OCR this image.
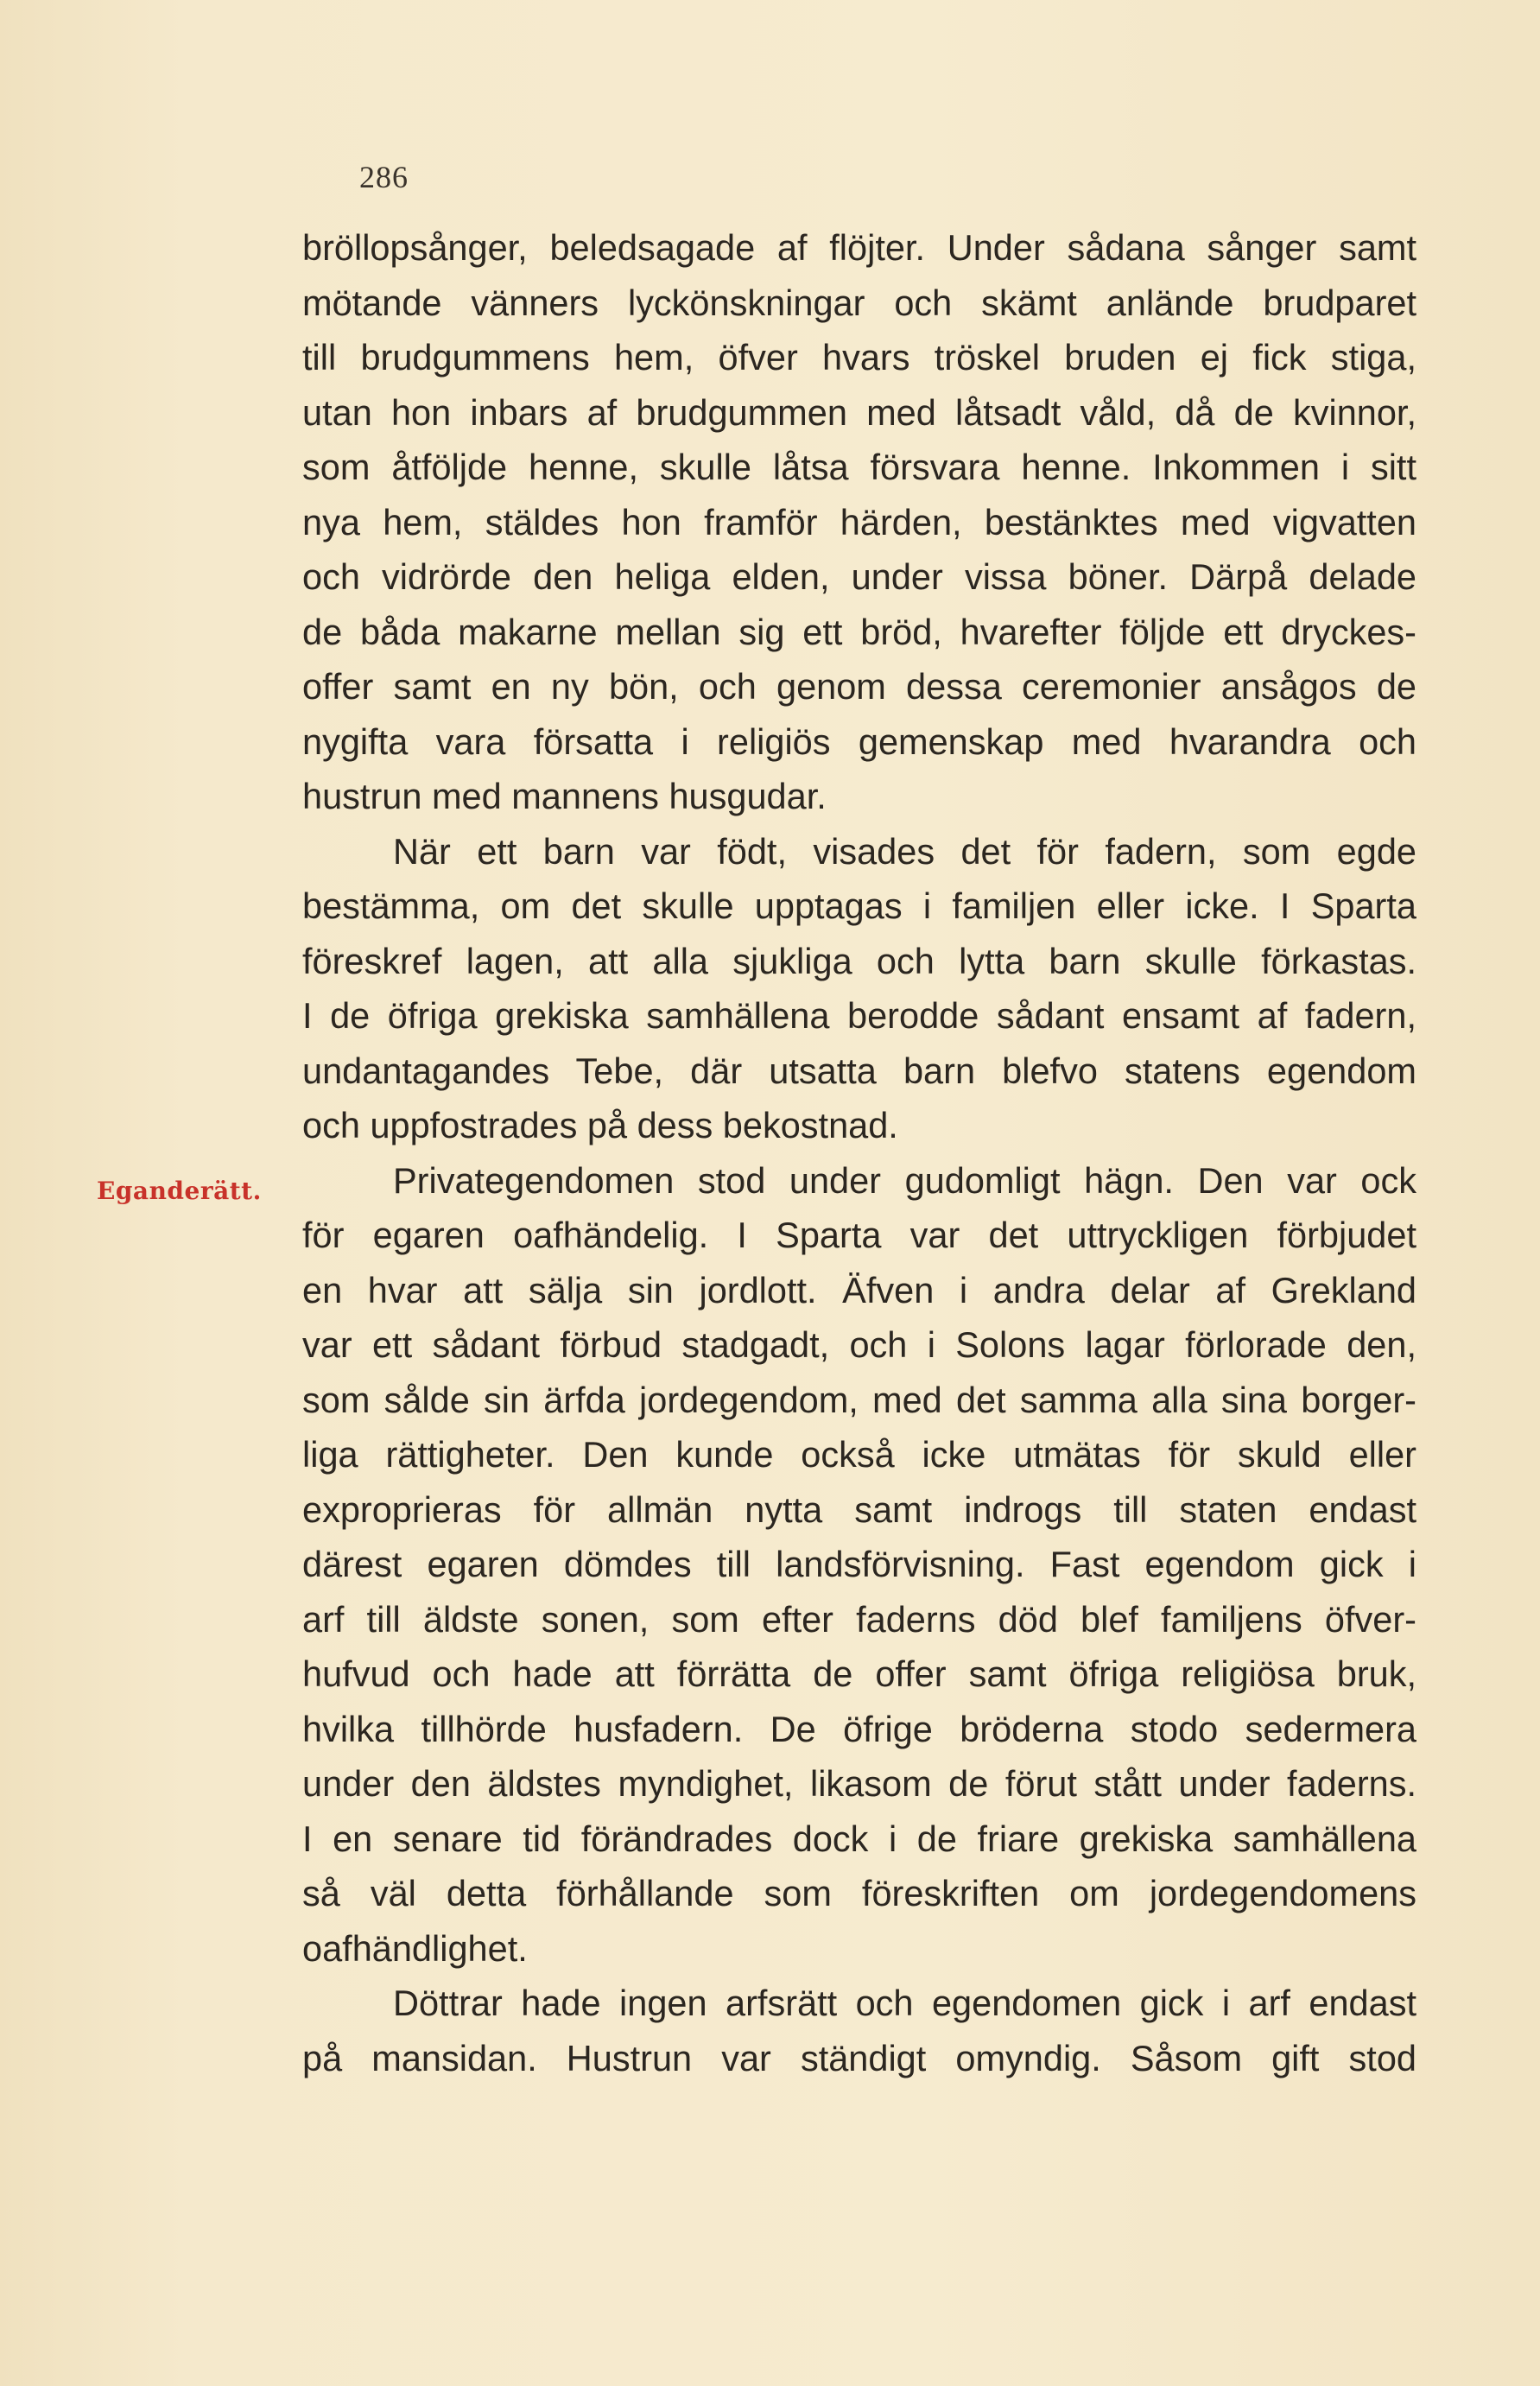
286
Eganderätt.
bröllopsånger, beledsagade af flöjter. Under sådana sånger samt
mötande vänners lyckönskningar och skämt anlände brudparet
till brudgummens hem, öfver hvars tröskel bruden ej fick stiga,
utan hon inbars af brudgummen med låtsadt våld, då de kvinnor,
som åtföljde henne, skulle låtsa försvara henne. Inkommen i sitt
nya hem, stäldes hon framför härden, bestänktes med vigvatten
och vidrörde den heliga elden, under vissa böner. Därpå delade
de båda makarne mellan sig ett bröd, hvarefter följde ett dryckes-
offer samt en ny bön, och genom dessa ceremonier ansågos de
nygifta vara försatta i religiös gemenskap med hvarandra och
hustrun med mannens husgudar.
När ett barn var födt, visades det för fadern, som egde
bestämma, om det skulle upptagas i familjen eller icke. I Sparta
föreskref lagen, att alla sjukliga och lytta barn skulle förkastas.
I de öfriga grekiska samhällena berodde sådant ensamt af fadern,
undantagandes Tebe, där utsatta barn blefvo statens egendom
och uppfostrades på dess bekostnad.
Privategendomen stod under gudomligt hägn. Den var ock
för egaren oafhändelig. I Sparta var det uttryckligen förbjudet
en hvar att sälja sin jordlott. Äfven i andra delar af Grekland
var ett sådant förbud stadgadt, och i Solons lagar förlorade den,
som sålde sin ärfda jordegendom, med det samma alla sina borger-
liga rättigheter. Den kunde också icke utmätas för skuld eller
exproprieras för allmän nytta samt indrogs till staten endast
därest egaren dömdes till landsförvisning. Fast egendom gick i
arf till äldste sonen, som efter faderns död blef familjens öfver-
hufvud och hade att förrätta de offer samt öfriga religiösa bruk,
hvilka tillhörde husfadern. De öfrige bröderna stodo sedermera
under den äldstes myndighet, likasom de förut stått under faderns.
I en senare tid förändrades dock i de friare grekiska samhällena
så väl detta förhållande som föreskriften om jordegendomens
oafhändlighet.
Döttrar hade ingen arfsrätt och egendomen gick i arf endast
på mansidan. Hustrun var ständigt omyndig. Såsom gift stod
